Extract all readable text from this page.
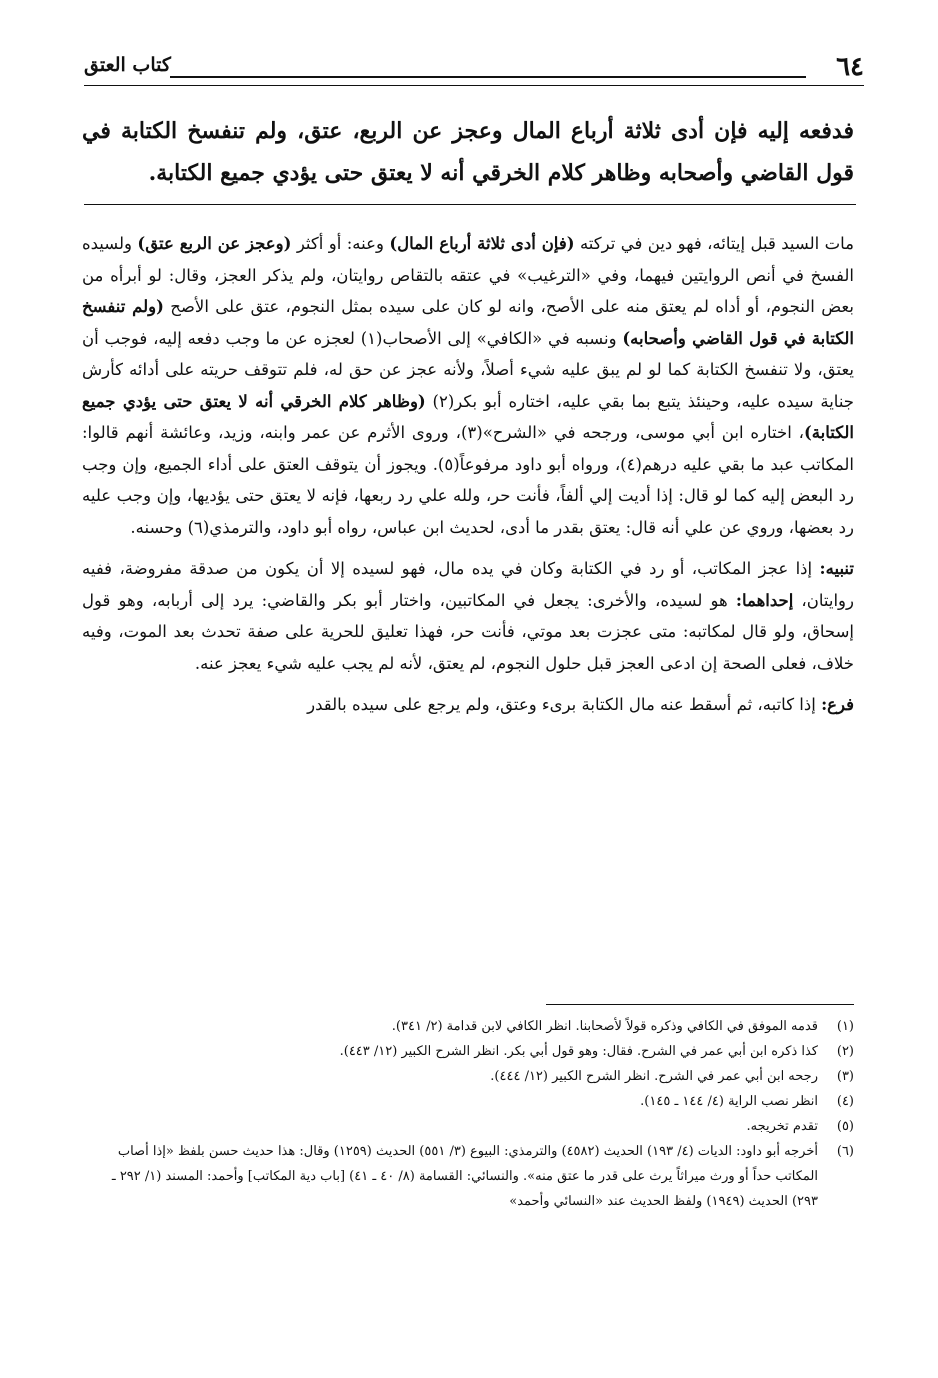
٦٤
كتاب العتق

فدفعه إليه فإن أدى ثلاثة أرباع المال وعجز عن الربع، عتق، ولم تنفسخ الكتابة في قول القاضي وأصحابه وظاهر كلام الخرقي أنه لا يعتق حتى يؤدي جميع الكتابة.

مات السيد قبل إيتائه، فهو دين في تركته (فإن أدى ثلاثة أرباع المال) وعنه: أو أكثر (وعجز عن الربع عتق) ولسيده الفسخ في أنص الروايتين فيهما، وفي «الترغيب» في عتقه بالتقاص روايتان، ولم يذكر العجز، وقال: لو أبرأه من بعض النجوم، أو أداه لم يعتق منه على الأصح، وانه لو كان على سيده بمثل النجوم، عتق على الأصح (ولم تنفسخ الكتابة في قول القاضي وأصحابه) ونسبه في «الكافي» إلى الأصحاب(١) لعجزه عن ما وجب دفعه إليه، فوجب أن يعتق، ولا تنفسخ الكتابة كما لو لم يبق عليه شيء أصلاً، ولأنه عجز عن حق له، فلم تتوقف حريته على أدائه كأرش جناية سيده عليه، وحينئذ يتبع بما بقي عليه، اختاره أبو بكر(٢) (وظاهر كلام الخرقي أنه لا يعتق حتى يؤدي جميع الكتابة)، اختاره ابن أبي موسى، ورجحه في «الشرح»(٣)، وروى الأثرم عن عمر وابنه، وزيد، وعائشة أنهم قالوا: المكاتب عبد ما بقي عليه درهم(٤)، ورواه أبو داود مرفوعاً(٥). ويجوز أن يتوقف العتق على أداء الجميع، وإن وجب رد البعض إليه كما لو قال: إذا أديت إلي ألفاً، فأنت حر، ولله علي رد ربعها، فإنه لا يعتق حتى يؤديها، وإن وجب عليه رد بعضها، وروي عن علي أنه قال: يعتق بقدر ما أدى، لحديث ابن عباس، رواه أبو داود، والترمذي(٦) وحسنه.

تنبيه: إذا عجز المكاتب، أو رد في الكتابة وكان في يده مال، فهو لسيده إلا أن يكون من صدقة مفروضة، ففيه روايتان، إحداهما: هو لسيده، والأخرى: يجعل في المكاتبين، واختار أبو بكر والقاضي: يرد إلى أربابه، وهو قول إسحاق، ولو قال لمكاتبه: متى عجزت بعد موتي، فأنت حر، فهذا تعليق للحرية على صفة تحدث بعد الموت، وفيه خلاف، فعلى الصحة إن ادعى العجز قبل حلول النجوم، لم يعتق، لأنه لم يجب عليه شيء يعجز عنه.

فرع: إذا كاتبه، ثم أسقط عنه مال الكتابة برىء وعتق، ولم يرجع على سيده بالقدر

(١)
قدمه الموفق في الكافي وذكره قولاً لأصحابنا. انظر الكافي لابن قدامة (٢/ ٣٤١).
(٢)
كذا ذكره ابن أبي عمر في الشرح. فقال: وهو قول أبي بكر. انظر الشرح الكبير (١٢/ ٤٤٣).
(٣)
رجحه ابن أبي عمر في الشرح. انظر الشرح الكبير (١٢/ ٤٤٤).
(٤)
انظر نصب الراية (٤/ ١٤٤ ـ ١٤٥).
(٥)
تقدم تخريجه.
(٦)
أخرجه أبو داود: الديات (٤/ ١٩٣) الحديث (٤٥٨٢) والترمذي: البيوع (٣/ ٥٥١) الحديث (١٢٥٩) وقال: هذا حديث حسن بلفظ «إذا أصاب المكاتب حداً أو ورث ميراثاً يرث على قدر ما عتق منه». والنسائي: القسامة (٨/ ٤٠ ـ ٤١) [باب دية المكاتب] وأحمد: المسند (١/ ٢٩٢ ـ ٢٩٣) الحديث (١٩٤٩) ولفظ الحديث عند «النسائي وأحمد»
